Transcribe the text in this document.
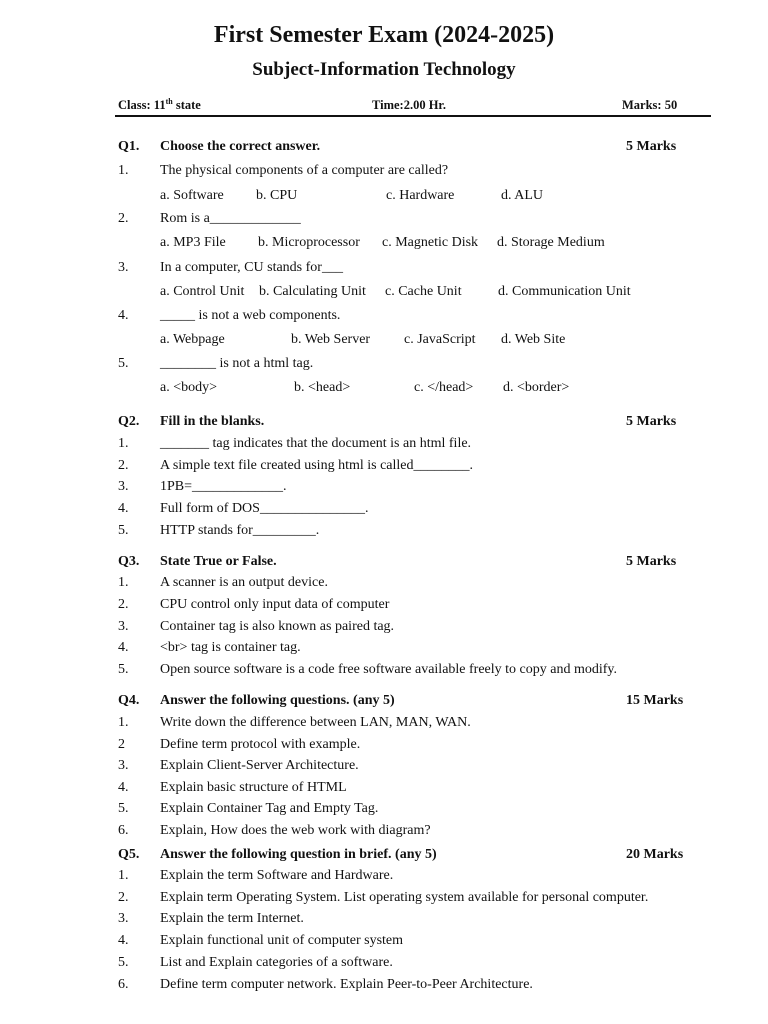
First Semester Exam (2024-2025)
Subject-Information Technology
Class: 11th state	Time:2.00 Hr.	Marks: 50
Q1. Choose the correct answer.	5 Marks
1. The physical components of a computer are called?
a. Software b. CPU	c. Hardware	d. ALU
2. Rom is a_____________
a. MP3 File b. Microprocessor c. Magnetic Disk d. Storage Medium
3. In a computer, CU stands for___
a. Control Unit b. Calculating Unit c. Cache Unit	d. Communication Unit
4. _____ is not a web components.
a. Webpage	b. Web Server c. JavaScript d. Web Site
5. ________ is not a html tag.
a. <body>	b. <head>	c. </head> d. <border>
Q2. Fill in the blanks.	5 Marks
1. _______ tag indicates that the document is an html file.
2. A simple text file created using html is called________.
3. 1PB=_____________.
4. Full form of DOS_______________.
5. HTTP stands for_________.
Q3. State True or False.	5 Marks
1. A scanner is an output device.
2. CPU control only input data of computer
3. Container tag is also known as paired tag.
4. <br> tag is container tag.
5. Open source software is a code free software available freely to copy and modify.
Q4. Answer the following questions. (any 5)	15 Marks
1. Write down the difference between LAN, MAN, WAN.
2	Define term protocol with example.
3. Explain Client-Server Architecture.
4. Explain basic structure of HTML
5. Explain Container Tag and Empty Tag.
6. Explain, How does the web work with diagram?
Q5. Answer the following question in brief. (any 5)	20 Marks
1. Explain the term Software and Hardware.
2. Explain term Operating System. List operating system available for personal computer.
3. Explain the term Internet.
4. Explain functional unit of computer system
5. List and Explain categories of a software.
6. Define term computer network. Explain Peer-to-Peer Architecture.
